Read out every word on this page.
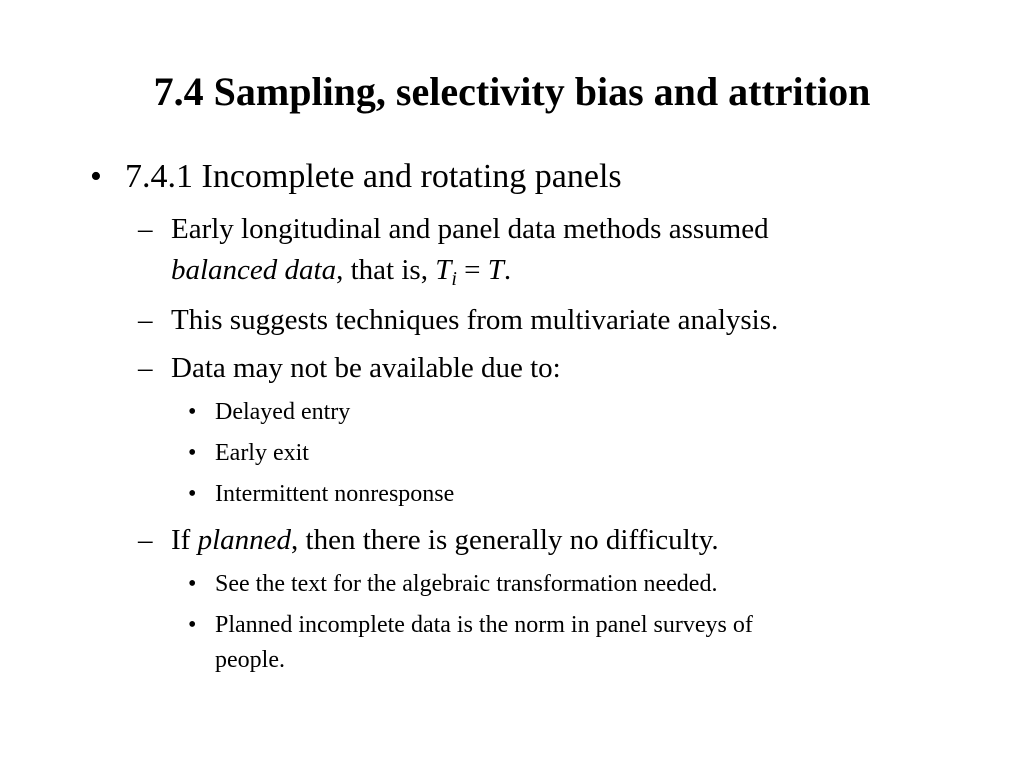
7.4 Sampling, selectivity bias and attrition
• 7.4.1 Incomplete and rotating panels
– Early longitudinal and panel data methods assumed
balanced data, that is, $T_i = T$.
– This suggests techniques from multivariate analysis.
– Data may not be available due to:
• Delayed entry
• Early exit
• Intermittent nonresponse
– If planned, then there is generally no difficulty.
• See the text for the algebraic transformation needed.
• Planned incomplete data is the norm in panel surveys of
people.
